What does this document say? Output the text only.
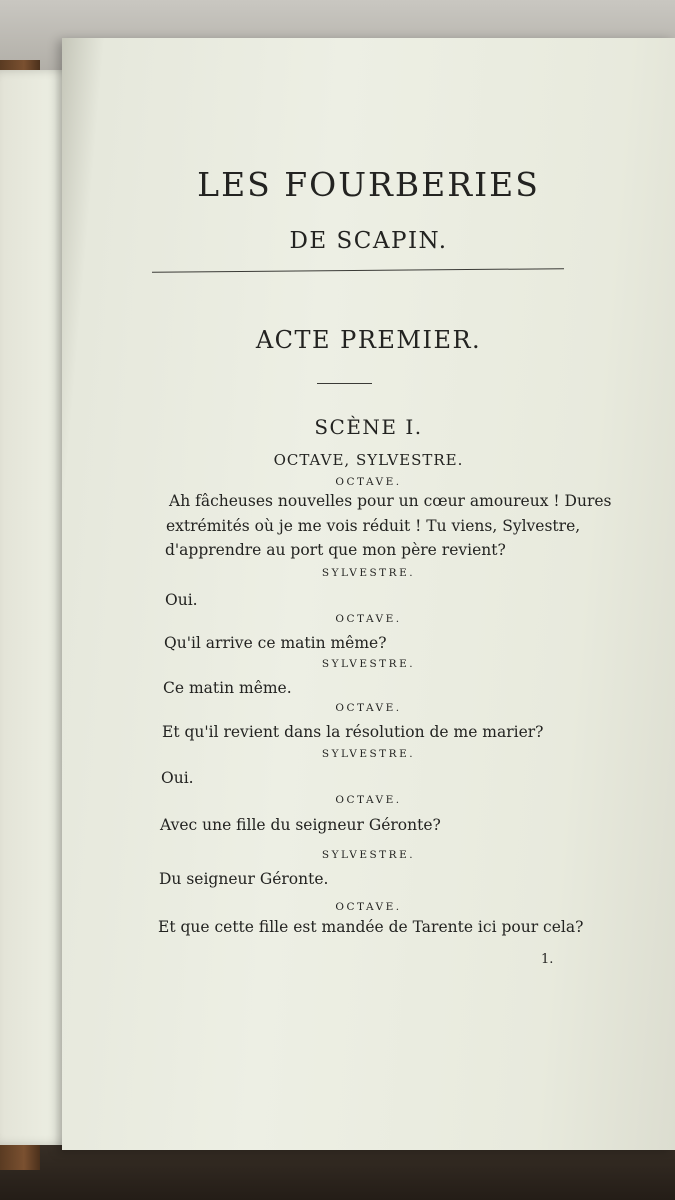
LES FOURBERIES
DE SCAPIN.
ACTE PREMIER.
SCÈNE I.
OCTAVE, SYLVESTRE.
OCTAVE.
Ah fâcheuses nouvelles pour un cœur amoureux ! Dures
extrémités où je me vois réduit ! Tu viens, Sylvestre,
d'apprendre au port que mon père revient?
SYLVESTRE.
Oui.
OCTAVE.
Qu'il arrive ce matin même?
SYLVESTRE.
Ce matin même.
OCTAVE.
Et qu'il revient dans la résolution de me marier?
SYLVESTRE.
Oui.
OCTAVE.
Avec une fille du seigneur Géronte?
SYLVESTRE.
Du seigneur Géronte.
OCTAVE.
Et que cette fille est mandée de Tarente ici pour cela?
1.
